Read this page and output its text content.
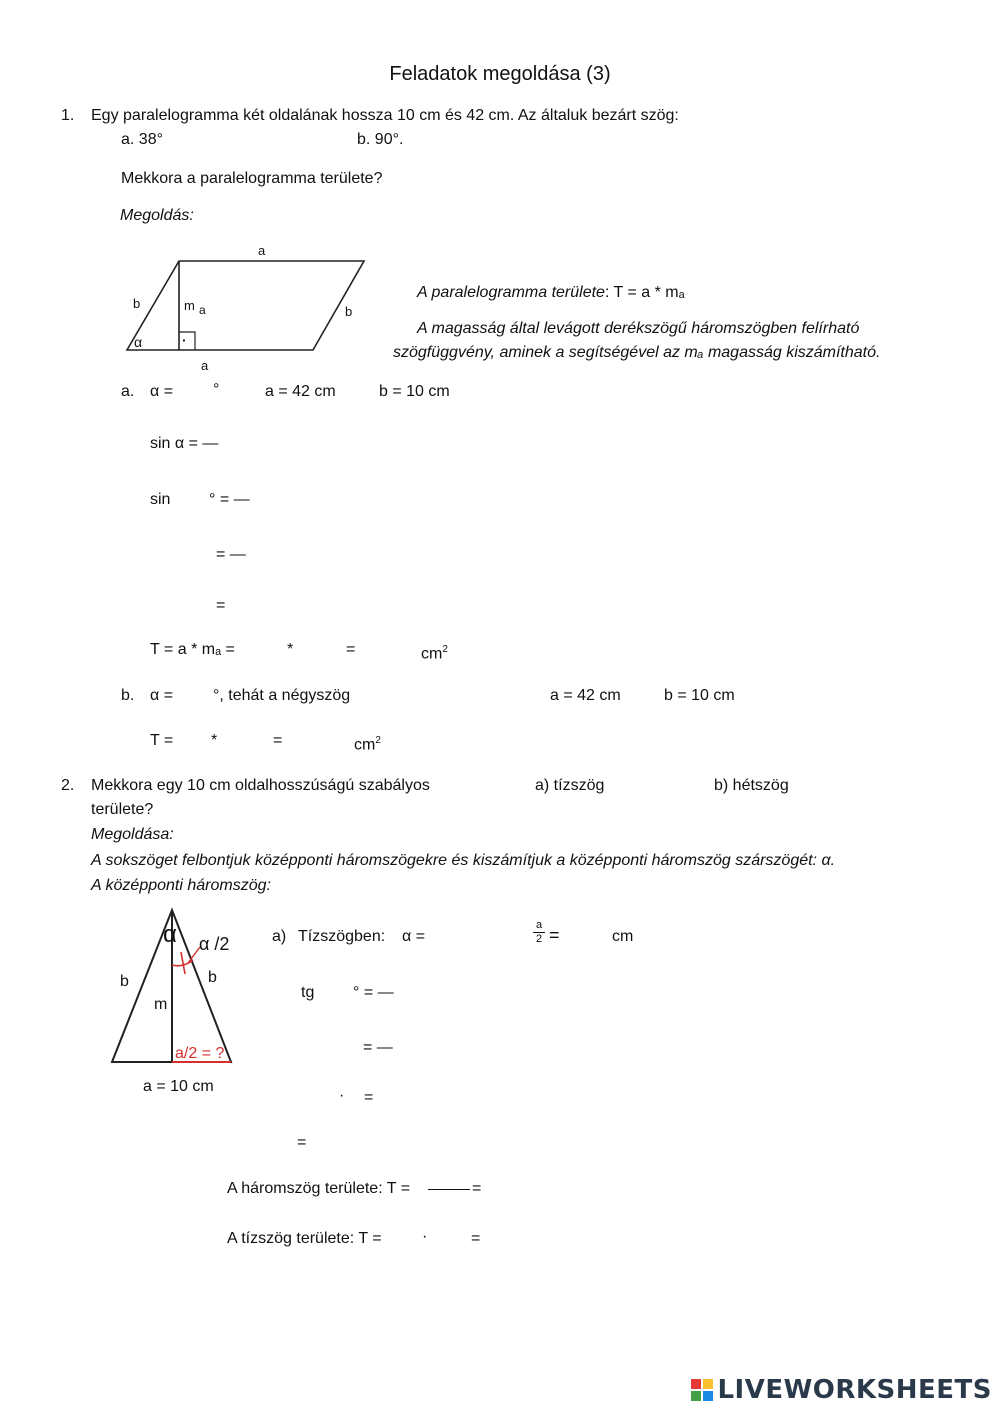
Feladatok megoldása (3)
1. Egy paralelogramma két oldalának hossza 10 cm és 42 cm. Az általuk bezárt szög:
a. 38°	b. 90°.
Mekkora a paralelogramma területe?
Megoldás:
a
a
b
b
m a
α	·
A paralelogramma területe: T = a * mₐ
A magasság által levágott derékszögű háromszögben felírható
szögfüggvény, aminek a segítségével az mₐ magasság kiszámítható.
a. α = °	a = 42 cm	b = 10 cm
sin α = ―
sin ° = ―
= ―
=
T = a * mₐ =	*	=	$cm^2$
b. α = °, tehát a négyszög	a = 42 cm	b = 10 cm
T = *	=	$cm^2$
2. Mekkora egy 10 cm oldalhosszúságú szabályos	a) tízszög	b) hétszög
területe?
Megoldása:
A sokszöget felbontjuk középponti háromszögekre és kiszámítjuk a középponti háromszög szárszögét: α.
A középponti háromszög:
α α /2
b	b
m
a/2 = ?
a = 10 cm
a) Tízszögben: α =
a
2 =	cm
tg ° = ―
= ―
· =
=
A háromszög területe: T =	=
A tízszög területe: T =	·	=
LIVEWORKSHEETS
